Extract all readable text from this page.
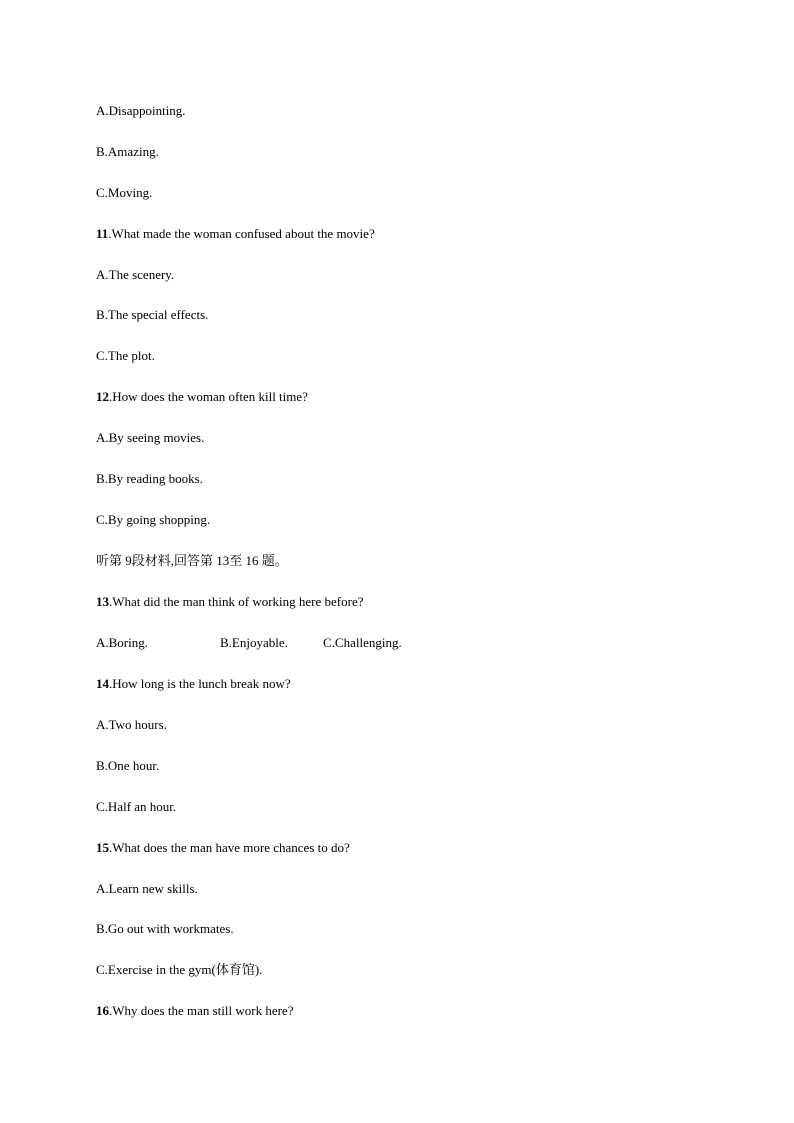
A.Disappointing.
B.Amazing.
C.Moving.
11.What made the woman confused about the movie?
A.The scenery.
B.The special effects.
C.The plot.
12.How does the woman often kill time?
A.By seeing movies.
B.By reading books.
C.By going shopping.
听第 9段材料,回答第 13至 16 题。
13.What did the man think of working here before?
A.Boring.	B.Enjoyable.	C.Challenging.
14.How long is the lunch break now?
A.Two hours.
B.One hour.
C.Half an hour.
15.What does the man have more chances to do?
A.Learn new skills.
B.Go out with workmates.
C.Exercise in the gym(体育馆).
16.Why does the man still work here?
